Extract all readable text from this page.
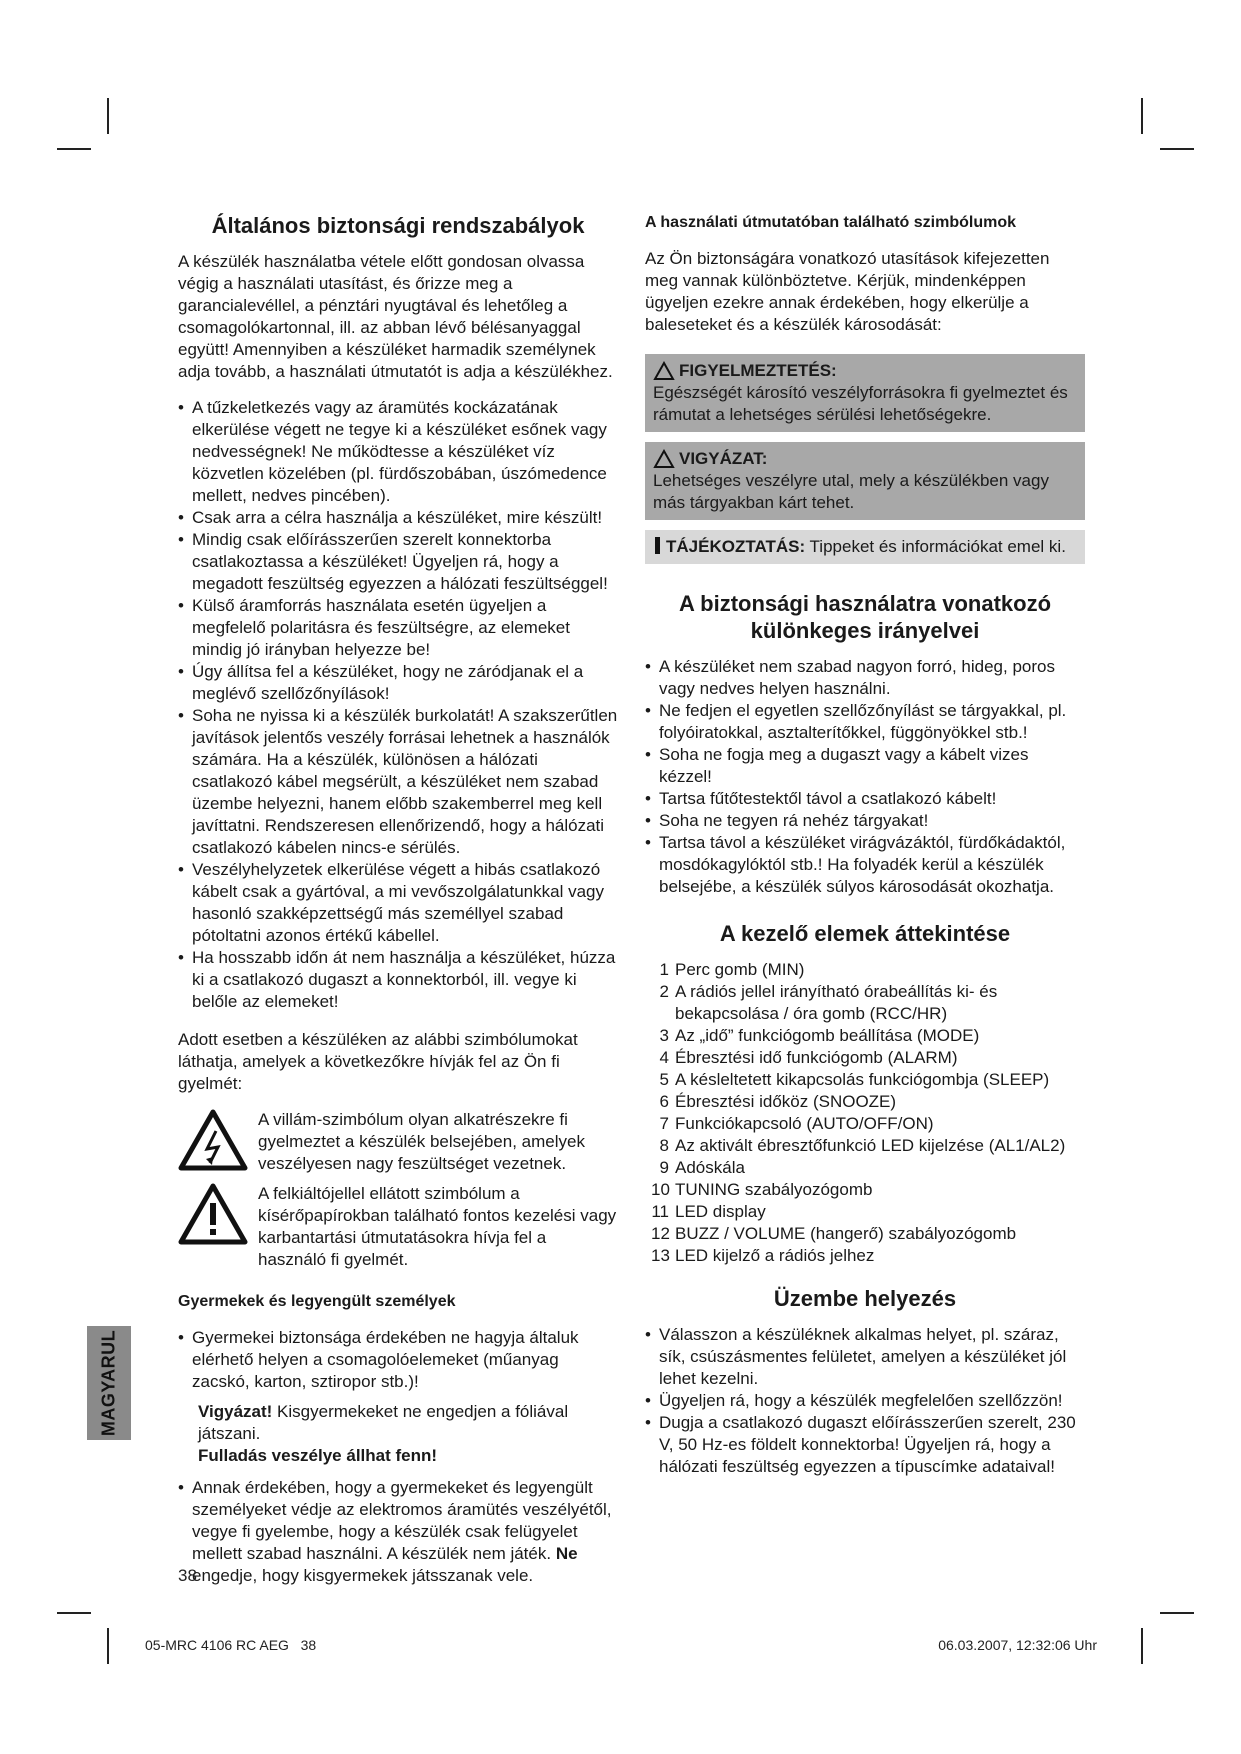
Általános biztonsági rendszabályok

A készülék használatba vétele előtt gondosan olvassa végig a használati utasítást, és őrizze meg a garancialevéllel, a pénztári nyugtával és lehetőleg a csomagolókartonnal, ill. az abban lévő bélésanyaggal együtt! Amennyiben a készüléket harmadik személynek adja tovább, a használati útmutatót is adja a készülékhez.

• A tűzkeletkezés vagy az áramütés kockázatának elkerülése végett ne tegye ki a készüléket esőnek vagy nedvességnek! Ne működtesse a készüléket víz közvetlen közelében (pl. fürdőszobában, úszómedence mellett, nedves pincében).
• Csak arra a célra használja a készüléket, mire készült!
• Mindig csak előírásszerűen szerelt konnektorba csatlakoztassa a készüléket! Ügyeljen rá, hogy a megadott feszültség egyezzen a hálózati feszültséggel!
• Külső áramforrás használata esetén ügyeljen a megfelelő polaritásra és feszültségre, az elemeket mindig jó irányban helyezze be!
• Úgy állítsa fel a készüléket, hogy ne záródjanak el a meglévő szellőzőnyílások!
• Soha ne nyissa ki a készülék burkolatát! A szakszerűtlen javítások jelentős veszély forrásai lehetnek a használók számára. Ha a készülék, különösen a hálózati csatlakozó kábel megsérült, a készüléket nem szabad üzembe helyezni, hanem előbb szakemberrel meg kell javíttatni. Rendszeresen ellenőrizendő, hogy a hálózati csatlakozó kábelen nincs-e sérülés.
• Veszélyhelyzetek elkerülése végett a hibás csatlakozó kábelt csak a gyártóval, a mi vevőszolgálatunkkal vagy hasonló szakképzettségű más személlyel szabad pótoltatni azonos értékű kábellel.
• Ha hosszabb időn át nem használja a készüléket, húzza ki a csatlakozó dugaszt a konnektorból, ill. vegye ki belőle az elemeket!

Adott esetben a készüléken az alábbi szimbólumokat láthatja, amelyek a következőkre hívják fel az Ön fi gyelmét:

A villám-szimbólum olyan alkatrészekre fi gyelmeztet a készülék belsejében, amelyek veszélyesen nagy feszültséget vezetnek.
A felkiáltójellel ellátott szimbólum a kísérőpapírokban található fontos kezelési vagy karbantartási útmutatásokra hívja fel a használó fi gyelmét.
Gyermekek és legyengült személyek
• Gyermekei biztonsága érdekében ne hagyja általuk elérhető helyen a csomagolóelemeket (műanyag zacskó, karton, sztiropor stb.)!
Vigyázat! Kisgyermekeket ne engedjen a fóliával játszani.
Fulladás veszélye állhat fenn!
• Annak érdekében, hogy a gyermekeket és legyengült személyeket védje az elektromos áramütés veszélyétől, vegye fi gyelembe, hogy a készülék csak felügyelet mellett szabad használni. A készülék nem játék. Ne engedje, hogy kisgyermekek játsszanak vele.
A használati útmutatóban található szimbólumok

Az Ön biztonságára vonatkozó utasítások kifejezetten meg vannak különböztetve. Kérjük, mindenképpen ügyeljen ezekre annak érdekében, hogy elkerülje a baleseteket és a készülék károsodását:

FIGYELMEZTETÉS:
Egészségét károsító veszélyforrásokra fi gyelmeztet és rámutat a lehetséges sérülési lehetőségekre.
VIGYÁZAT:
Lehetséges veszélyre utal, mely a készülékben vagy más tárgyakban kárt tehet.
TÁJÉKOZTATÁS: Tippeket és információkat emel ki.
A biztonsági használatra vonatkozó különkeges irányelvei
• A készüléket nem szabad nagyon forró, hideg, poros vagy nedves helyen használni.
• Ne fedjen el egyetlen szellőzőnyílást se tárgyakkal, pl. folyóiratokkal, asztalterítőkkel, függönyökkel stb.!
• Soha ne fogja meg a dugaszt vagy a kábelt vizes kézzel!
• Tartsa fűtőtestektől távol a csatlakozó kábelt!
• Soha ne tegyen rá nehéz tárgyakat!
• Tartsa távol a készüléket virágvázáktól, fürdőkádaktól, mosdókagylóktól stb.! Ha folyadék kerül a készülék belsejébe, a készülék súlyos károsodását okozhatja.
A kezelő elemek áttekintése
1 Perc gomb (MIN)
2 A rádiós jellel irányítható órabeállítás ki- és bekapcsolása / óra gomb (RCC/HR)
3 Az „idő” funkciógomb beállítása (MODE)
4 Ébresztési idő funkciógomb (ALARM)
5 A késleltetett kikapcsolás funkciógombja (SLEEP)
6 Ébresztési időköz (SNOOZE)
7 Funkciókapcsoló (AUTO/OFF/ON)
8 Az aktivált ébresztőfunkció LED kijelzése (AL1/AL2)
9 Adóskála
10 TUNING szabályozógomb
11 LED display
12 BUZZ / VOLUME (hangerő) szabályozógomb
13 LED kijelző a rádiós jelhez
Üzembe helyezés
• Válasszon a készüléknek alkalmas helyet, pl. száraz, sík, csúszásmentes felületet, amelyen a készüléket jól lehet kezelni.
• Ügyeljen rá, hogy a készülék megfelelően szellőzzön!
• Dugja a csatlakozó dugaszt előírásszerűen szerelt, 230 V, 50 Hz-es földelt konnektorba! Ügyeljen rá, hogy a hálózati feszültség egyezzen a típuscímke adataival!
MAGYARUL
38
05-MRC 4106 RC AEG   38	06.03.2007, 12:32:06 Uhr
